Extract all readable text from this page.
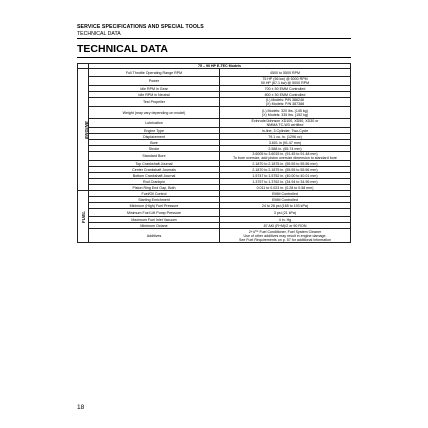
SERVICE SPECIFICATIONS AND SPECIAL TOOLS
TECHNICAL DATA
TECHNICAL DATA
	75 – 90 HP E-TEC Models	
ENGINE	Full Throttle Operating Range RPM	4500 to 5500 RPM

	Power	75 HP (56 kw) @ 5000 RPM
90 HP (67.1 kw) @ 5000 RPM

	Idle RPM in Gear	700 ± 50 EMM Controlled

	Idle RPM in Neutral	800 ± 50 EMM Controlled

	Test Propeller	(L) Models: P/N 386246
(X) Models: P/N 387388

	Weight (may vary depending on model)	(L) Models: 320 lbs. (145 kg)
(X) Models: 335 lbs. (152 kg)

	Lubrication	Evinrude/Johnson XD100, XD50, XD30 or
NMMA TC-W3 certified

	Engine Type	In-line, 3 Cylinder, Two-Cycle

	Displacement	79.1 cu. in. (1296 cc)

	Bore	3.601 in (91.47 mm)

	Stroke	2.588 in. (65.74 mm)

	Standard Bore	3.6005 to 3.6015 in. (91.45 to 91.48 mm)
To bore oversize, add piston oversize dimension to standard bore

	Top Crankshaft Journal	2.1870 to 2.1875 in. (55.55 to 55.56 mm)

	Center Crankshaft Journals	2.1870 to 2.1875 in. (55.55 to 55.56 mm)

	Bottom Crankshaft Journal	1.5747 to 1.5752 in. (40.00 to 40.01 mm)

	Rod Crankpin	1.3757 to 1.3762 in. (34.94 to 34.96 mm)

	Piston Ring End Gap, Both	0.011 to 0.023 in. (0.28 to 0.58 mm)

FUEL	Fuel/Oil Control	EMM Controlled

	Starting Enrichment	EMM Controlled

	Minimum (High) Fuel Pressure	24 to 28 psi (165 to 193 kPa)

	Minimum Fuel Lift Pump Pressure	3 psi (21 kPa)

	Maximum Fuel Inlet Vacuum	4 in. Hg

	Minimum Octane	87 AKI (R+M)/2 or 90 RON

	Additives	2+4™ Fuel Conditioner, Fuel System Cleaner
Use of other additives may result in engine damage.
See Fuel Requirements on p. 57 for additional information
18
